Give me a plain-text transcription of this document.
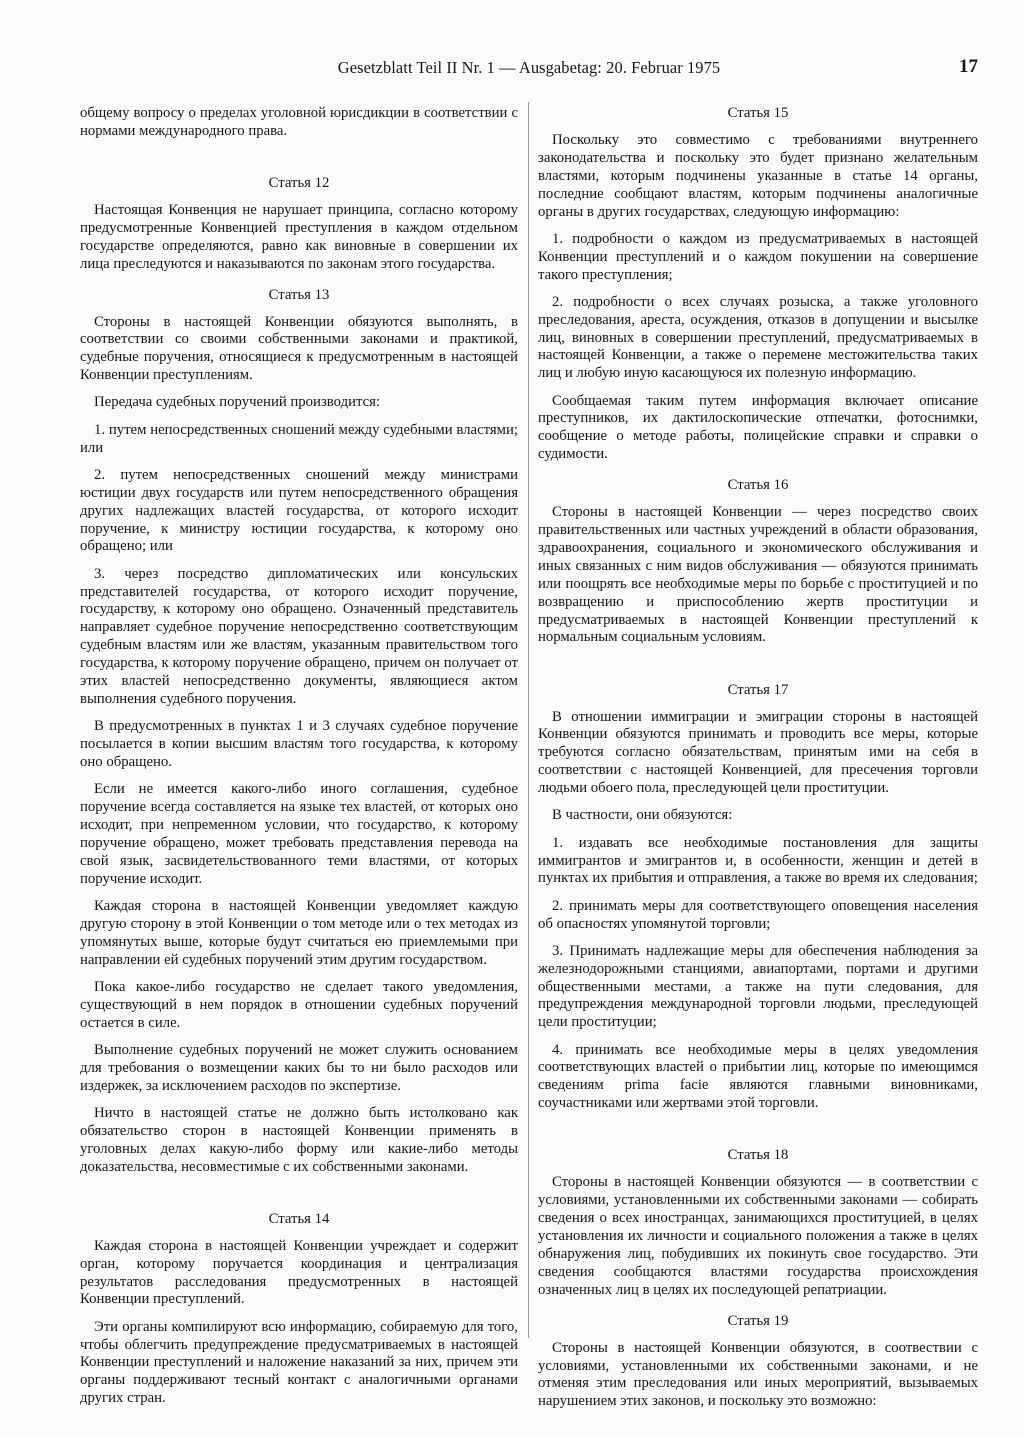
Gesetzblatt Teil II Nr. 1 — Ausgabetag: 20. Februar 1975	17

общему вопросу о пределах уголовной юрисдикции в соответствии с нормами международного права.

Статья 12

Настоящая Конвенция не нарушает принципа, согласно которому предусмотренные Конвенцией преступления в каждом отдельном государстве определяются, равно как виновные в совершении их лица преследуются и наказываются по законам этого государства.

Статья 13

Стороны в настоящей Конвенции обязуются выполнять, в соответствии со своими собственными законами и практикой, судебные поручения, относящиеся к предусмотренным в настоящей Конвенции преступлениям.

Передача судебных поручений производится:

1. путем непосредственных сношений между судебными властями; или

2. путем непосредственных сношений между министрами юстиции двух государств или путем непосредственного обращения других надлежащих властей государства, от которого исходит поручение, к министру юстиции государства, к которому оно обращено; или

3. через посредство дипломатических или консульских представителей государства, от которого исходит поручение, государству, к которому оно обращено. Означенный представитель направляет судебное поручение непосредственно соответствующим судебным властям или же властям, указанным правительством того государства, к которому поручение обращено, причем он получает от этих властей непосредственно документы, являющиеся актом выполнения судебного поручения.

В предусмотренных в пунктах 1 и 3 случаях судебное поручение посылается в копии высшим властям того государства, к которому оно обращено.

Если не имеется какого-либо иного соглашения, судебное поручение всегда составляется на языке тех властей, от которых оно исходит, при непременном условии, что государство, к которому поручение обращено, может требовать представления перевода на свой язык, засвидетельствованного теми властями, от которых поручение исходит.

Каждая сторона в настоящей Конвенции уведомляет каждую другую сторону в этой Конвенции о том методе или о тех методах из упомянутых выше, которые будут считаться ею приемлемыми при направлении ей судебных поручений этим другим государством.

Пока какое-либо государство не сделает такого уведомления, существующий в нем порядок в отношении судебных поручений остается в силе.

Выполнение судебных поручений не может служить основанием для требования о возмещении каких бы то ни было расходов или издержек, за исключением расходов по экспертизе.

Ничто в настоящей статье не должно быть истолковано как обязательство сторон в настоящей Конвенции применять в уголовных делах какую-либо форму или какие-либо методы доказательства, несовместимые с их собственными законами.

Статья 14

Каждая сторона в настоящей Конвенции учреждает и содержит орган, которому поручается координация и централизация результатов расследования предусмотренных в настоящей Конвенции преступлений.

Эти органы компилируют всю информацию, собираемую для того, чтобы облегчить предупреждение предусматриваемых в настоящей Конвенции преступлений и наложение наказаний за них, причем эти органы поддерживают тесный контакт с аналогичными органами других стран.

Статья 15

Поскольку это совместимо с требованиями внутреннего законодательства и поскольку это будет признано желательным властями, которым подчинены указанные в статье 14 органы, последние сообщают властям, которым подчинены аналогичные органы в других государствах, следующую информацию:

1. подробности о каждом из предусматриваемых в настоящей Конвенции преступлений и о каждом покушении на совершение такого преступления;

2. подробности о всех случаях розыска, а также уголовного преследования, ареста, осуждения, отказов в допущении и высылке лиц, виновных в совершении преступлений, предусматриваемых в настоящей Конвенции, а также о перемене местожительства таких лиц и любую иную касающуюся их полезную информацию.

Сообщаемая таким путем информация включает описание преступников, их дактилоскопические отпечатки, фотоснимки, сообщение о методе работы, полицейские справки и справки о судимости.

Статья 16

Стороны в настоящей Конвенции — через посредство своих правительственных или частных учреждений в области образования, здравоохранения, социального и экономического обслуживания и иных связанных с ним видов обслуживания — обязуются принимать или поощрять все необходимые меры по борьбе с проституцией и по возвращению и приспособлению жертв проституции и предусматриваемых в настоящей Конвенции преступлений к нормальным социальным условиям.

Статья 17

В отношении иммиграции и эмиграции стороны в настоящей Конвенции обязуются принимать и проводить все меры, которые требуются согласно обязательствам, принятым ими на себя в соответствии с настоящей Конвенцией, для пресечения торговли людьми обоего пола, преследующей цели проституции.

В частности, они обязуются:

1. издавать все необходимые постановления для защиты иммигрантов и эмигрантов и, в особенности, женщин и детей в пунктах их прибытия и отправления, а также во время их следования;

2. принимать меры для соответствующего оповещения населения об опасностях упомянутой торговли;

3. Принимать надлежащие меры для обеспечения наблюдения за железнодорожными станциями, авиапортами, портами и другими общественными местами, а также на пути следования, для предупреждения международной торговли людьми, преследующей цели проституции;

4. принимать все необходимые меры в целях уведомления соответствующих властей о прибытии лиц, которые по имеющимся сведениям prima facie являются главными виновниками, соучастниками или жертвами этой торговли.

Статья 18

Стороны в настоящей Конвенции обязуются — в соответствии с условиями, установленными их собственными законами — собирать сведения о всех иностранцах, занимающихся проституцией, в целях установления их личности и социального положения а также в целях обнаружения лиц, побудивших их покинуть свое государство. Эти сведения сообщаются властями государства происхождения означенных лиц в целях их последующей репатриации.

Статья 19

Стороны в настоящей Конвенции обязуются, в соотвествии с условиями, установленными их собственными законами, и не отменяя этим преследования или иных мероприятий, вызываемых нарушением этих законов, и поскольку это возможно:
